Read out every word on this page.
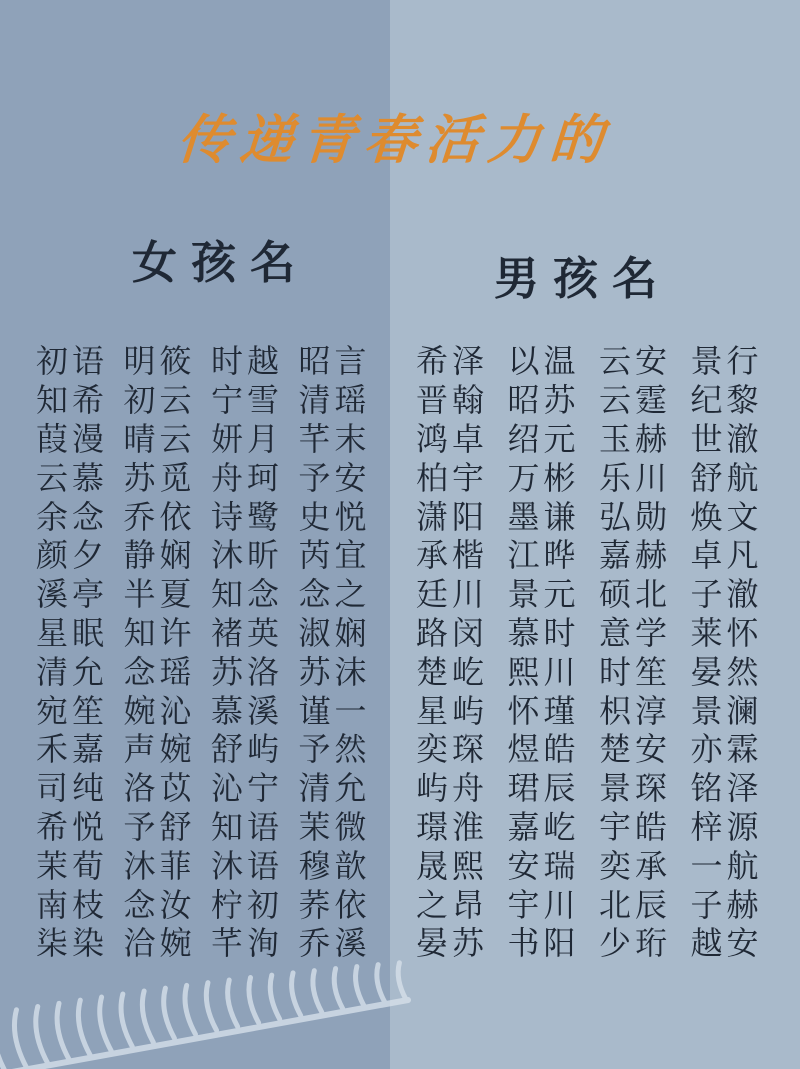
传递青春活力的
女孩名	男孩名
初语 明筱 时越 昭言
知希 初云 宁雪 清瑶
葭漫 晴云 妍月 芊末
云慕 苏觅 舟珂 予安
余念 乔依 诗鹭 史悦
颜夕 静娴 沐昕 芮宜
溪亭 半夏 知念 念之
星眠 知许 褚英 淑娴
清允 念瑶 苏洛 苏沫
宛笙 婉沁 慕溪 谨一
禾嘉 声婉 舒屿 予然
司纯 洛苡 沁宁 清允
希悦 予舒 知语 茉微
茉荀 沐菲 沐语 穆歆
南枝 念汝 柠初 荞依
柒染 洽婉 芊洵 乔溪
希泽 以温 云安 景行
晋翰 昭苏 云霆 纪黎
鸿卓 绍元 玉赫 世澈
柏宇 万彬 乐川 舒航
潇阳 墨谦 弘勋 焕文
承楷 江晔 嘉赫 卓凡
廷川 景元 硕北 子澈
路闵 慕时 意学 莱怀
楚屹 熙川 时笙 晏然
星屿 怀瑾 枳淳 景澜
奕琛 煜皓 楚安 亦霖
屿舟 珺辰 景琛 铭泽
璟淮 嘉屹 宇皓 梓源
晟熙 安瑞 奕承 一航
之昂 宇川 北辰 子赫
晏苏 书阳 少珩 越安
